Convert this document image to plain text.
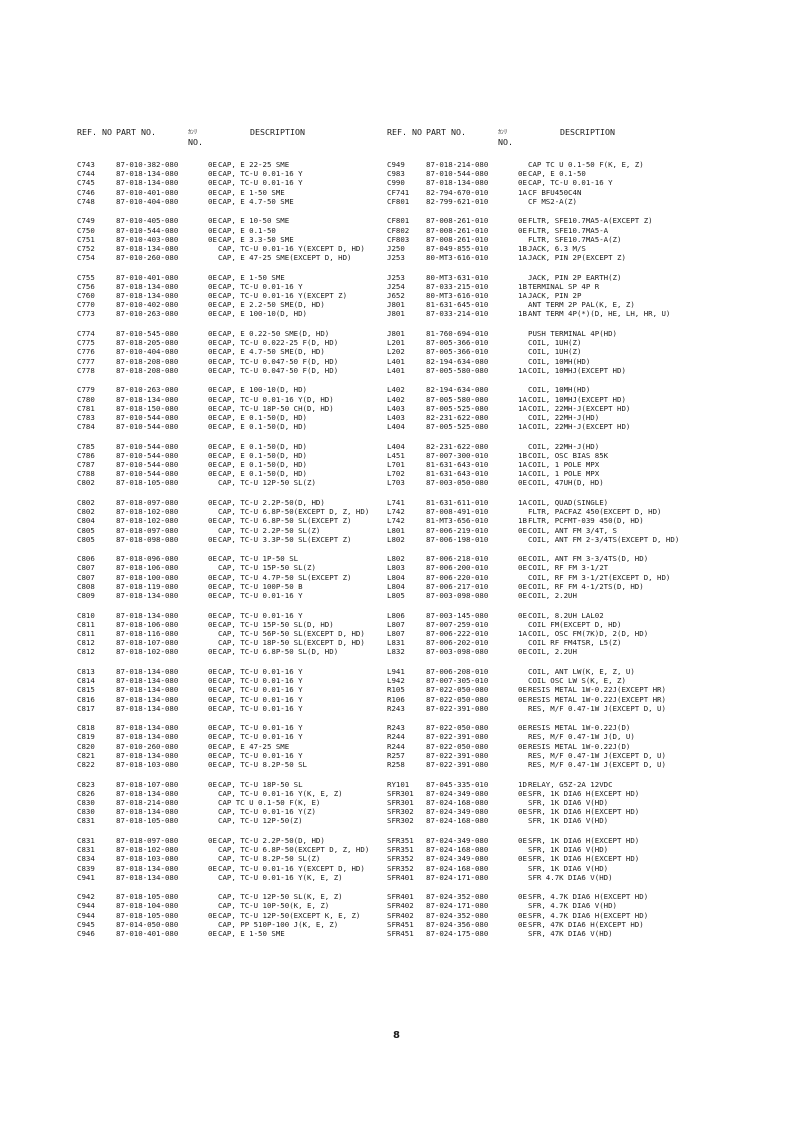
REF. NO PART NO.	ｶﾝﾘ
NO.
DESCRIPTION
C743	87-010-382-080	0ECAP, E 22-25 SME
C744	87-018-134-080	0ECAP, TC-U 0.01-16 Y
C745	87-018-134-080	0ECAP, TC-U 0.01-16 Y
C746	87-010-401-080	0ECAP, E 1-50 SME
C748	87-010-404-080	0ECAP, E 4.7-50 SME
C749	87-010-405-080	0ECAP, E 10-50 SME
C750	87-010-544-080	0ECAP, E 0.1-50
C751	87-010-403-080	0ECAP, E 3.3-50 SME
C752	87-018-134-080	CAP, TC-U 0.01-16 Y(EXCEPT D, HD)
C754	87-010-260-080	CAP, E 47-25 SME(EXCEPT D, HD)
C755	87-010-401-080	0ECAP, E 1-50 SME
C756	87-018-134-080	0ECAP, TC-U 0.01-16 Y
C760	87-018-134-080	0ECAP, TC-U 0.01-16 Y(EXCEPT Z)
C770	87-010-402-080	0ECAP, E 2.2-50 SME(D, HD)
C773	87-010-263-080	0ECAP, E 100-10(D, HD)
C774	87-010-545-080	0ECAP, E 0.22-50 SME(D, HD)
C775	87-018-205-080	0ECAP, TC-U 0.022-25 F(D, HD)
C776	87-010-404-080	0ECAP, E 4.7-50 SME(D, HD)
C777	87-018-208-080	0ECAP, TC-U 0.047-50 F(D, HD)
C778	87-018-208-080	0ECAP, TC-U 0.047-50 F(D, HD)
C779	87-010-263-080	0ECAP, E 100-10(D, HD)
C780	87-018-134-080	0ECAP, TC-U 0.01-16 Y(D, HD)
C781	87-018-150-080	0ECAP, TC-U 18P-50 CH(D, HD)
C783	87-010-544-080	0ECAP, E 0.1-50(D, HD)
C784	87-010-544-080	0ECAP, E 0.1-50(D, HD)
C785	87-010-544-080	0ECAP, E 0.1-50(D, HD)
C786	87-010-544-080	0ECAP, E 0.1-50(D, HD)
C787	87-010-544-080	0ECAP, E 0.1-50(D, HD)
C788	87-010-544-080	0ECAP, E 0.1-50(D, HD)
C802	87-018-105-080	CAP, TC-U 12P-50 SL(Z)
C802	87-018-097-080	0ECAP, TC-U 2.2P-50(D, HD)
C802	87-018-102-080	CAP, TC-U 6.8P-50(EXCEPT D, Z, HD)
C804	87-018-102-080	0ECAP, TC-U 6.8P-50 SL(EXCEPT Z)
C805	87-018-097-080	CAP, TC-U 2.2P-50 SL(Z)
C805	87-018-098-080	0ECAP, TC-U 3.3P-50 SL(EXCEPT Z)
C806	87-018-096-080	0ECAP, TC-U 1P-50 SL
C807	87-018-106-080	CAP, TC-U 15P-50 SL(Z)
C807	87-018-100-080	0ECAP, TC-U 4.7P-50 SL(EXCEPT Z)
C808	87-018-119-080	0ECAP, TC-U 100P-50 B
C809	87-018-134-080	0ECAP, TC-U 0.01-16 Y
C810	87-018-134-080	0ECAP, TC-U 0.01-16 Y
C811	87-018-106-080	0ECAP, TC-U 15P-50 SL(D, HD)
C811	87-018-116-080	CAP, TC-U 56P-50 SL(EXCEPT D, HD)
C812	87-018-107-080	CAP, TC-U 18P-50 SL(EXCEPT D, HD)
C812	87-018-102-080	0ECAP, TC-U 6.8P-50 SL(D, HD)
C813	87-018-134-080	0ECAP, TC-U 0.01-16 Y
C814	87-018-134-080	0ECAP, TC-U 0.01-16 Y
C815	87-018-134-080	0ECAP, TC-U 0.01-16 Y
C816	87-018-134-080	0ECAP, TC-U 0.01-16 Y
C817	87-018-134-080	0ECAP, TC-U 0.01-16 Y
C818	87-018-134-080	0ECAP, TC-U 0.01-16 Y
C819	87-018-134-080	0ECAP, TC-U 0.01-16 Y
C820	87-010-260-080	0ECAP, E 47-25 SME
C821	87-018-134-080	0ECAP, TC-U 0.01-16 Y
C822	87-018-103-080	0ECAP, TC-U 8.2P-50 SL
C823	87-018-107-080	0ECAP, TC-U 18P-50 SL
C826	87-018-134-080	CAP, TC-U 0.01-16 Y(K, E, Z)
C830	87-018-214-080	CAP TC U 0.1-50 F(K, E)
C830	87-018-134-080	CAP, TC-U 0.01-16 Y(Z)
C831	87-018-105-080	CAP, TC-U 12P-50(Z)
C831	87-018-097-080	0ECAP, TC-U 2.2P-50(D, HD)
C831	87-018-102-080	CAP, TC-U 6.8P-50(EXCEPT D, Z, HD)
C834	87-018-103-080	CAP, TC-U 8.2P-50 SL(Z)
C839	87-018-134-080	0ECAP, TC-U 0.01-16 Y(EXCEPT D, HD)
C941	87-018-134-080	CAP, TC-U 0.01-16 Y(K, E, Z)
C942	87-018-105-080	CAP, TC-U 12P-50 SL(K, E, Z)
C944	87-018-104-080	CAP, TC-U 10P-50(K, E, Z)
C944	87-018-105-080	0ECAP, TC-U 12P-50(EXCEPT K, E, Z)
C945	87-014-050-080	CAP, PP 510P-100 J(K, E, Z)
C946	87-010-401-080	0ECAP, E 1-50 SME
REF. NO PART NO.	ｶﾝﾘ
NO.
DESCRIPTION
C949	87-018-214-080	CAP TC U 0.1-50 F(K, E, Z)
C983	87-010-544-080	0ECAP, E 0.1-50
C990	87-018-134-080	0ECAP, TC-U 0.01-16 Y
CF741 82-794-670-010	1ACF BFU450C4N
CF801 82-799-621-010	CF MS2-A(Z)
CF801 87-008-261-010	0EFLTR, SFE10.7MA5-A(EXCEPT Z)
CF802 87-008-261-010	0EFLTR, SFE10.7MA5-A
CF803 87-008-261-010	FLTR, SFE10.7MA5-A(Z)
J250	87-049-855-010	1BJACK, 6.3 M/S
J253	80-MT3-616-010	1AJACK, PIN 2P(EXCEPT Z)
J253	80-MT3-631-010	JACK, PIN 2P EARTH(Z)
J254	87-033-215-010	1BTERMINAL SP 4P R
J652	80-MT3-616-010	1AJACK, PIN 2P
J801	81-631-645-010	ANT TERM 2P PAL(K, E, Z)
J801	87-033-214-010	1BANT TERM 4P(*)(D, HE, LH, HR, U)
J801	81-760-694-010	PUSH TERMINAL 4P(HD)
L201	87-005-366-010	COIL, 1UH(Z)
L202	87-005-366-010	COIL, 1UH(Z)
L401	82-194-634-080	COIL, 10MH(HD)
L401	87-005-580-080	1ACOIL, 10MHJ(EXCEPT HD)
L402	82-194-634-080	COIL, 10MH(HD)
L402	87-005-580-080	1ACOIL, 10MHJ(EXCEPT HD)
L403	87-005-525-080	1ACOIL, 22MH-J(EXCEPT HD)
L403	82-231-622-080	COIL, 22MH-J(HD)
L404	87-005-525-080	1ACOIL, 22MH-J(EXCEPT HD)
L404	82-231-622-080	COIL, 22MH-J(HD)
L451	87-007-300-010	1BCOIL, OSC BIAS 85K
L701	81-631-643-010	1ACOIL, 1 POLE MPX
L702	81-631-643-010	1ACOIL, 1 POLE MPX
L703	87-003-050-080	0ECOIL, 47UH(D, HD)
L741	81-631-611-010	1ACOIL, QUAD(SINGLE)
L742	87-008-491-010	FLTR, PACFAZ 450(EXCEPT D, HD)
L742	81-MT3-656-010	1BFLTR, PCFMT-039 450(D, HD)
L801	87-006-219-010	0ECOIL, ANT FM 3/4T, S
L802	87-006-198-010	COIL, ANT FM 2-3/4TS(EXCEPT D, HD)
L802	87-006-218-010	0ECOIL, ANT FM 3-3/4TS(D, HD)
L803	87-006-200-010	0ECOIL, RF FM 3-1/2T
L804	87-006-220-010	COIL, RF FM 3-1/2T(EXCEPT D, HD)
L804	87-006-217-010	0ECOIL, RF FM 4-1/2TS(D, HD)
L805	87-003-098-080	0ECOIL, 2.2UH
L806	87-003-145-080	0ECOIL, 8.2UH LAL02
L807	87-007-259-010	COIL FM(EXCEPT D, HD)
L807	87-006-222-010	1ACOIL, OSC FM(7K)D, 2(D, HD)
L831	87-006-202-010	COIL RF FM4TSR, L5(Z)
L832	87-003-098-080	0ECOIL, 2.2UH
L941	87-006-208-010	COIL, ANT LW(K, E, Z, U)
L942	87-007-305-010	COIL OSC LW S(K, E, Z)
R105	87-022-050-080	0ERESIS METAL 1W-0.22J(EXCEPT HR)
R106	87-022-050-080	0ERESIS METAL 1W-0.22J(EXCEPT HR)
R243	87-022-391-080	RES, M/F 0.47-1W J(EXCEPT D, U)
R243	87-022-050-080	0ERESIS METAL 1W-0.22J(D)
R244	87-022-391-080	RES, M/F 0.47-1W J(D, U)
R244	87-022-050-080	0ERESIS METAL 1W-0.22J(D)
R257	87-022-391-080	RES, M/F 0.47-1W J(EXCEPT D, U)
R258	87-022-391-080	RES, M/F 0.47-1W J(EXCEPT D, U)
RY101 87-045-335-010	1DRELAY, G5Z-2A 12VDC
SFR301 87-024-349-080	0ESFR, 1K DIA6 H(EXCEPT HD)
SFR301 87-024-168-080	SFR, 1K DIA6 V(HD)
SFR302 87-024-349-080	0ESFR, 1K DIA6 H(EXCEPT HD)
SFR302 87-024-168-080	SFR, 1K DIA6 V(HD)
SFR351 87-024-349-080	0ESFR, 1K DIA6 H(EXCEPT HD)
SFR351 87-024-168-080	SFR, 1K DIA6 V(HD)
SFR352 87-024-349-080	0ESFR, 1K DIA6 H(EXCEPT HD)
SFR352 87-024-168-080	SFR, 1K DIA6 V(HD)
SFR401 87-024-171-080	SFR 4.7K DIA6 V(HD)
SFR401 87-024-352-080	0ESFR, 4.7K DIA6 H(EXCEPT HD)
SFR402 87-024-171-080	SFR, 4.7K DIA6 V(HD)
SFR402 87-024-352-080	0ESFR, 4.7K DIA6 H(EXCEPT HD)
SFR451 87-024-356-080	0ESFR, 47K DIA6 H(EXCEPT HD)
SFR451 87-024-175-080	SFR, 47K DIA6 V(HD)
8
